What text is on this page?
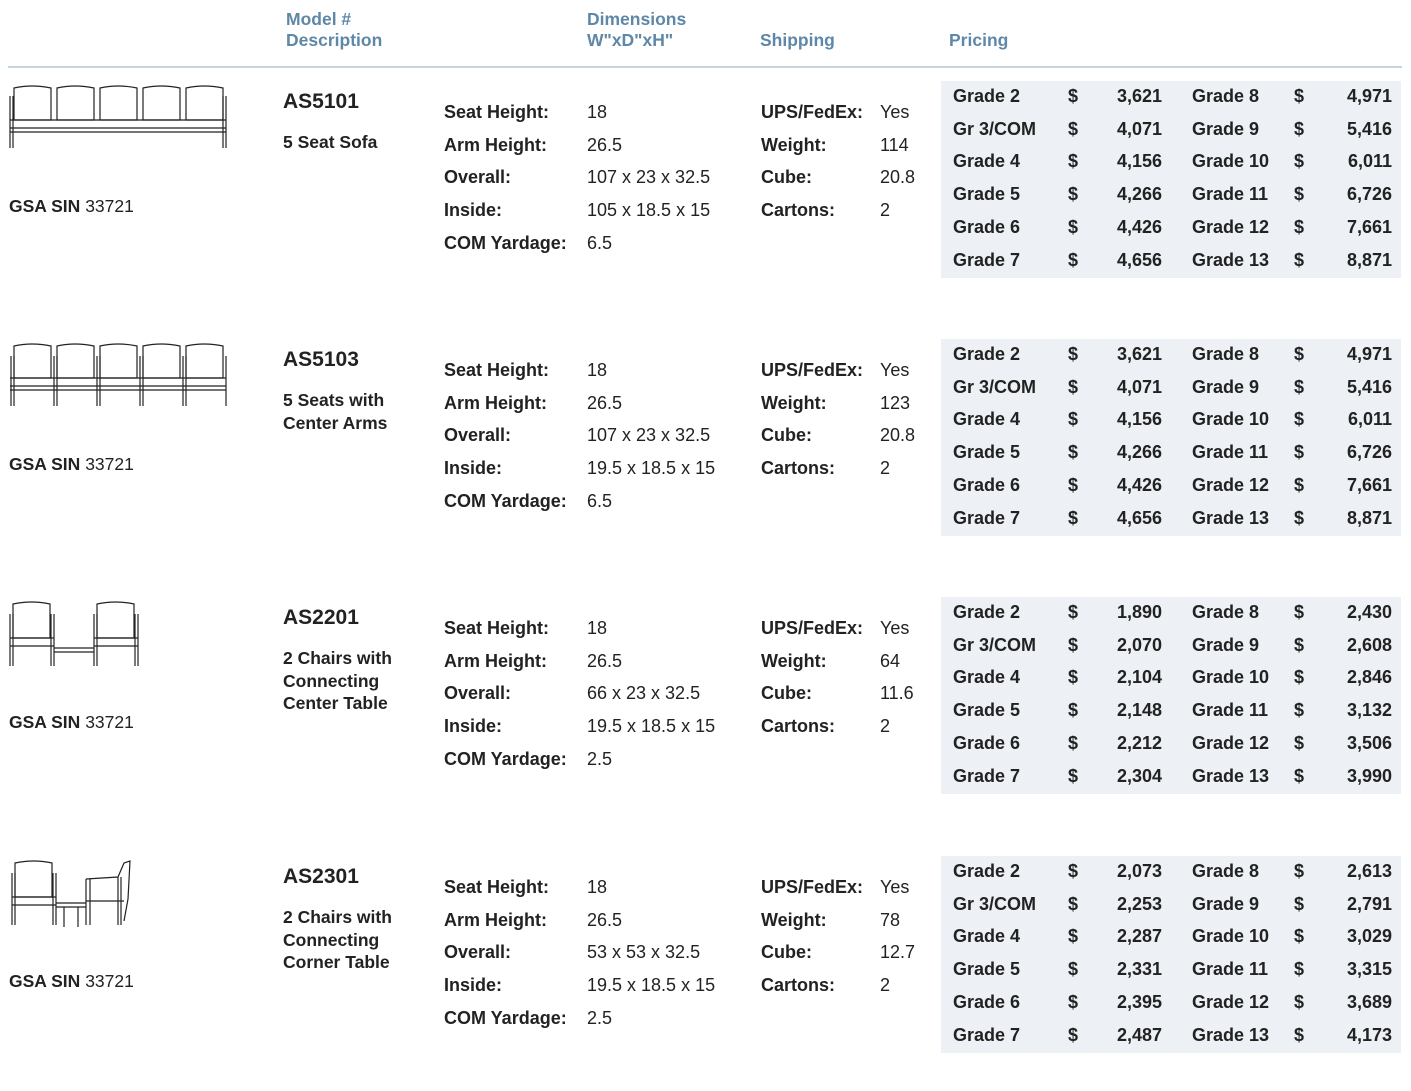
Model #
Description
Dimensions
W"xD"xH"	Shipping	Pricing
GSA SIN 33721
AS5101
5 Seat Sofa
Seat Height: 18
Arm Height: 26.5
Overall:	107 x 23 x 32.5
Inside:	105 x 18.5 x 15
COM Yardage: 6.5
UPS/FedEx: Yes
Weight:	114
Cube:	20.8
Cartons: 2
Grade 2	$	3,621 Grade 8 $	4,971
Gr 3/COM $	4,071 Grade 9 $	5,416
Grade 4	$	4,156 Grade 10 $	6,011
Grade 5	$	4,266 Grade 11 $	6,726
Grade 6	$	4,426 Grade 12 $	7,661
Grade 7	$	4,656 Grade 13 $	8,871
GSA SIN 33721
AS5103
5 Seats with Center Arms
Seat Height: 18
Arm Height: 26.5
Overall:	107 x 23 x 32.5
Inside:	19.5 x 18.5 x 15
COM Yardage: 6.5
UPS/FedEx: Yes
Weight:	123
Cube:	20.8
Cartons: 2
Grade 2	$	3,621 Grade 8 $	4,971
Gr 3/COM $	4,071 Grade 9 $	5,416
Grade 4	$	4,156 Grade 10 $	6,011
Grade 5	$	4,266 Grade 11 $	6,726
Grade 6	$	4,426 Grade 12 $	7,661
Grade 7	$	4,656 Grade 13 $	8,871
GSA SIN 33721
AS2201
2 Chairs with Connecting Center Table
Seat Height: 18
Arm Height: 26.5
Overall:	66 x 23 x 32.5
Inside:	19.5 x 18.5 x 15
COM Yardage: 2.5
UPS/FedEx: Yes
Weight:	64
Cube:	11.6
Cartons: 2
Grade 2	$	1,890 Grade 8 $	2,430
Gr 3/COM $	2,070 Grade 9 $	2,608
Grade 4	$	2,104 Grade 10 $	2,846
Grade 5	$	2,148 Grade 11 $	3,132
Grade 6	$	2,212 Grade 12 $	3,506
Grade 7	$	2,304 Grade 13 $	3,990
GSA SIN 33721
AS2301
2 Chairs with Connecting Corner Table
Seat Height: 18
Arm Height: 26.5
Overall:	53 x 53 x 32.5
Inside:	19.5 x 18.5 x 15
COM Yardage: 2.5
UPS/FedEx: Yes
Weight:	78
Cube:	12.7
Cartons: 2
Grade 2	$	2,073 Grade 8 $	2,613
Gr 3/COM $	2,253 Grade 9 $	2,791
Grade 4	$	2,287 Grade 10 $	3,029
Grade 5	$	2,331 Grade 11 $	3,315
Grade 6	$	2,395 Grade 12 $	3,689
Grade 7	$	2,487 Grade 13 $	4,173
